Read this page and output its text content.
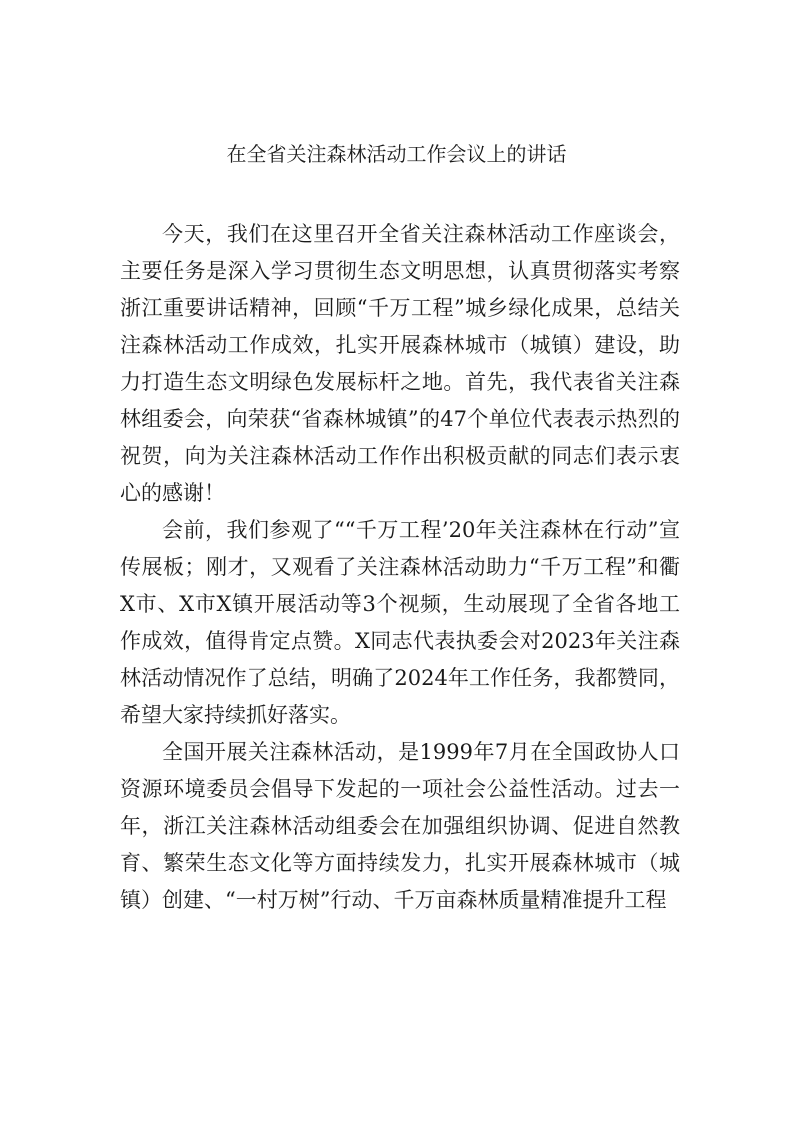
在全省关注森林活动工作会议上的讲话

今天，我们在这里召开全省关注森林活动工作座谈会，主要任务是深入学习贯彻生态文明思想，认真贯彻落实考察浙江重要讲话精神，回顾“千万工程”城乡绿化成果，总结关注森林活动工作成效，扎实开展森林城市（城镇）建设，助力打造生态文明绿色发展标杆之地。首先，我代表省关注森林组委会，向荣获“省森林城镇”的47个单位代表表示热烈的祝贺，向为关注森林活动工作作出积极贡献的同志们表示衷心的感谢！

会前，我们参观了““千万工程’20年关注森林在行动”宣传展板；刚才，又观看了关注森林活动助力“千万工程”和衢X市、X市X镇开展活动等3个视频，生动展现了全省各地工作成效，值得肯定点赞。X同志代表执委会对2023年关注森林活动情况作了总结，明确了2024年工作任务，我都赞同，希望大家持续抓好落实。

全国开展关注森林活动，是1999年7月在全国政协人口资源环境委员会倡导下发起的一项社会公益性活动。过去一年，浙江关注森林活动组委会在加强组织协调、促进自然教育、繁荣生态文化等方面持续发力，扎实开展森林城市（城镇）创建、“一村万树”行动、千万亩森林质量精准提升工程
